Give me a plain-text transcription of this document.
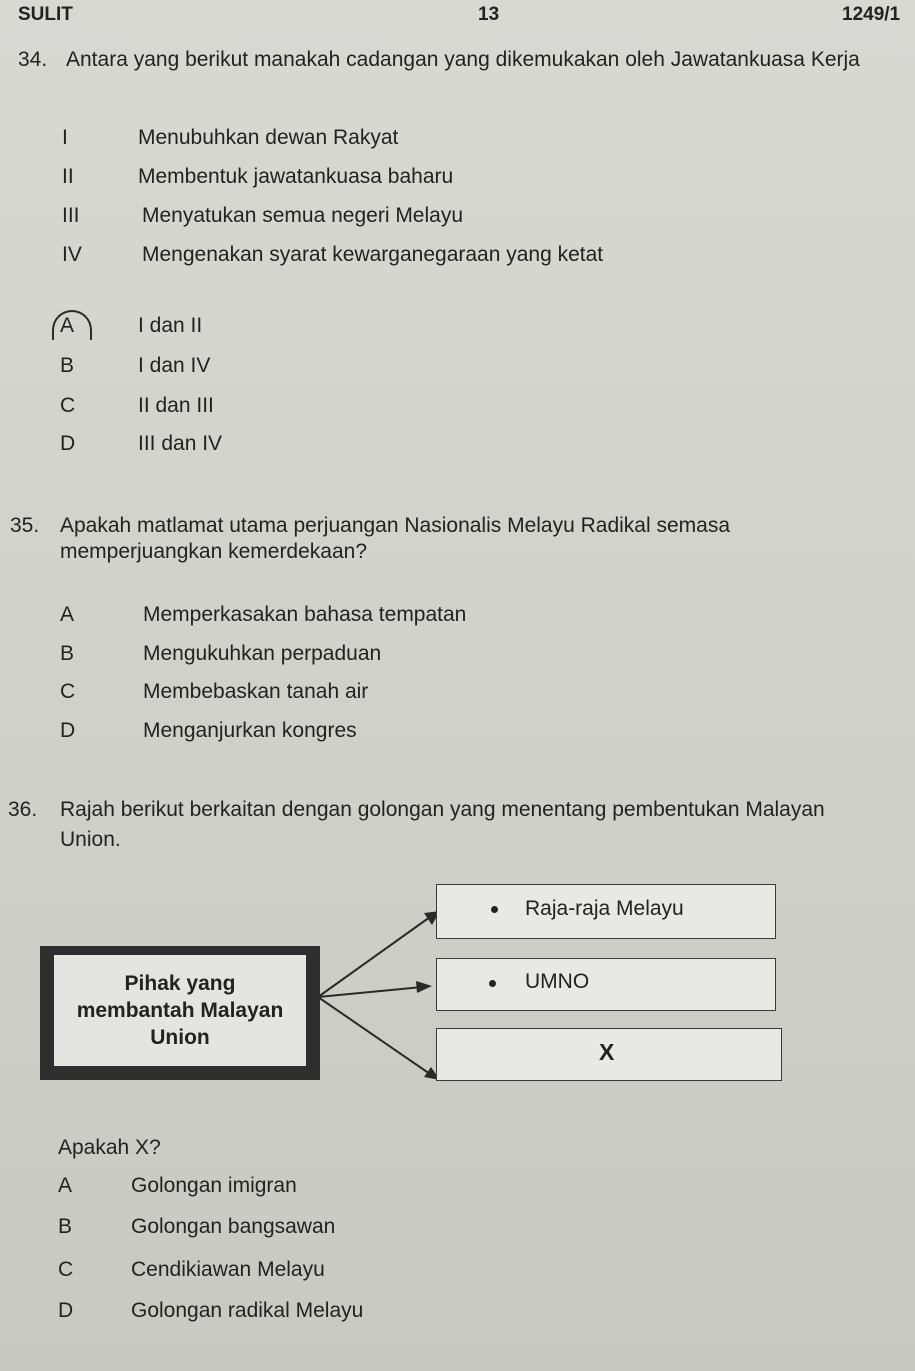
SULIT	13	1249/1
34. Antara yang berikut manakah cadangan yang dikemukakan oleh Jawatankuasa Kerja
I	Menubuhkan dewan Rakyat
II	Membentuk jawatankuasa baharu
III	Menyatukan semua negeri Melayu
IV	Mengenakan syarat kewarganegaraan yang ketat
A	I dan II
B	I dan IV
C	II dan III
D	III dan IV
35. Apakah matlamat utama perjuangan Nasionalis Melayu Radikal semasa
memperjuangkan kemerdekaan?
A	Memperkasakan bahasa tempatan
B	Mengukuhkan perpaduan
C	Membebaskan tanah air
D	Menganjurkan kongres
36. Rajah berikut berkaitan dengan golongan yang menentang pembentukan Malayan
Union.
Pihak yang
membantah Malayan
Union
Raja-raja Melayu
UMNO
X
Apakah X?
A	Golongan imigran
B	Golongan bangsawan
C	Cendikiawan Melayu
D	Golongan radikal Melayu
